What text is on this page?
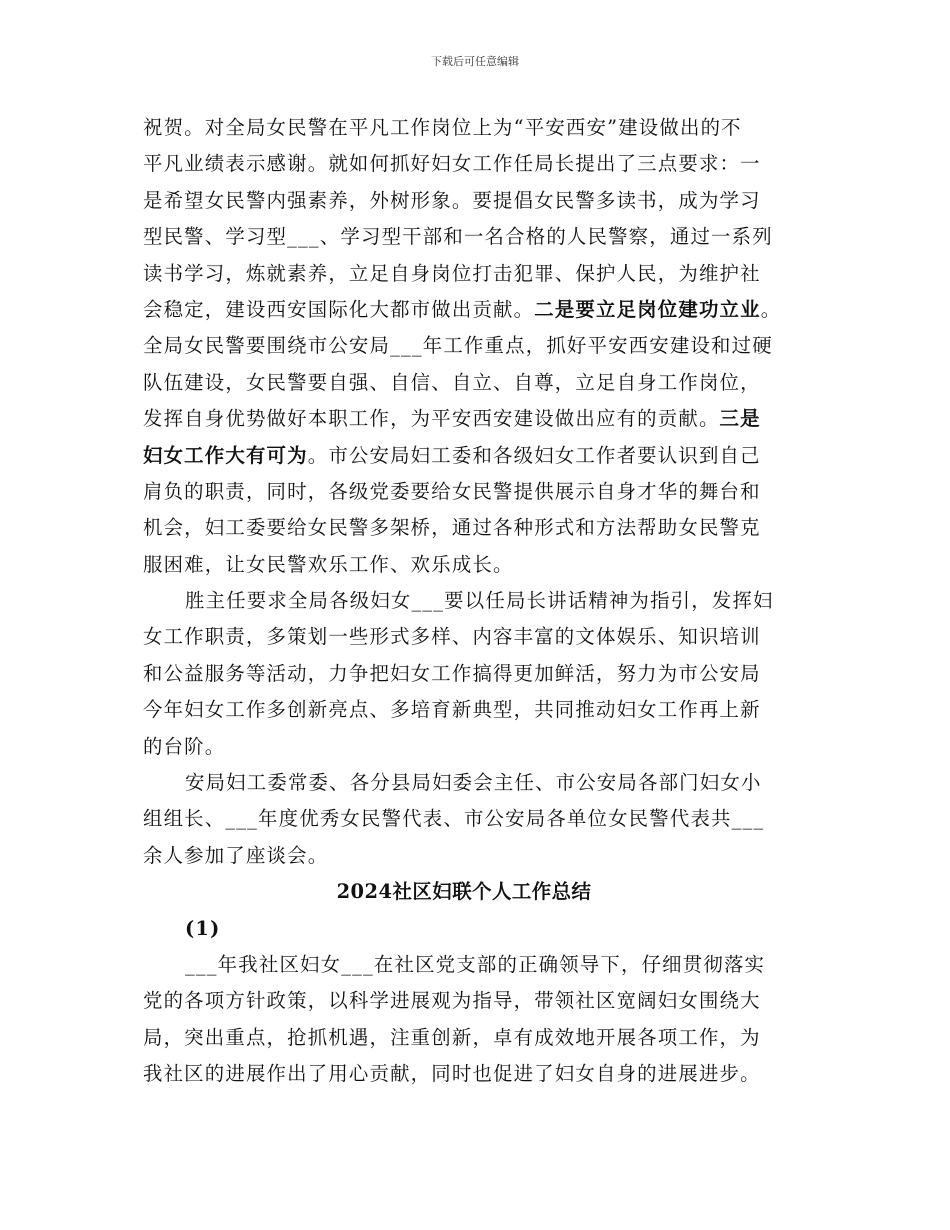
下载后可任意编辑
祝贺。对全局女民警在平凡工作岗位上为“平安西安”建设做出的不
平凡业绩表示感谢。就如何抓好妇女工作任局长提出了三点要求：一
是希望女民警内强素养，外树形象。要提倡女民警多读书，成为学习
型民警、学习型___、学习型干部和一名合格的人民警察，通过一系列
读书学习，炼就素养，立足自身岗位打击犯罪、保护人民，为维护社
会稳定，建设西安国际化大都市做出贡献。二是要立足岗位建功立业。
全局女民警要围绕市公安局___年工作重点，抓好平安西安建设和过硬
队伍建设，女民警要自强、自信、自立、自尊，立足自身工作岗位，
发挥自身优势做好本职工作，为平安西安建设做出应有的贡献。三是
妇女工作大有可为。市公安局妇工委和各级妇女工作者要认识到自己
肩负的职责，同时，各级党委要给女民警提供展示自身才华的舞台和
机会，妇工委要给女民警多架桥，通过各种形式和方法帮助女民警克
服困难，让女民警欢乐工作、欢乐成长。
胜主任要求全局各级妇女___要以任局长讲话精神为指引，发挥妇
女工作职责，多策划一些形式多样、内容丰富的文体娱乐、知识培训
和公益服务等活动，力争把妇女工作搞得更加鲜活，努力为市公安局
今年妇女工作多创新亮点、多培育新典型，共同推动妇女工作再上新
的台阶。
安局妇工委常委、各分县局妇委会主任、市公安局各部门妇女小
组组长、___年度优秀女民警代表、市公安局各单位女民警代表共___
余人参加了座谈会。
2024社区妇联个人工作总结
(1)
___年我社区妇女___在社区党支部的正确领导下，仔细贯彻落实
党的各项方针政策，以科学进展观为指导，带领社区宽阔妇女围绕大
局，突出重点，抢抓机遇，注重创新，卓有成效地开展各项工作，为
我社区的进展作出了用心贡献，同时也促进了妇女自身的进展进步。
